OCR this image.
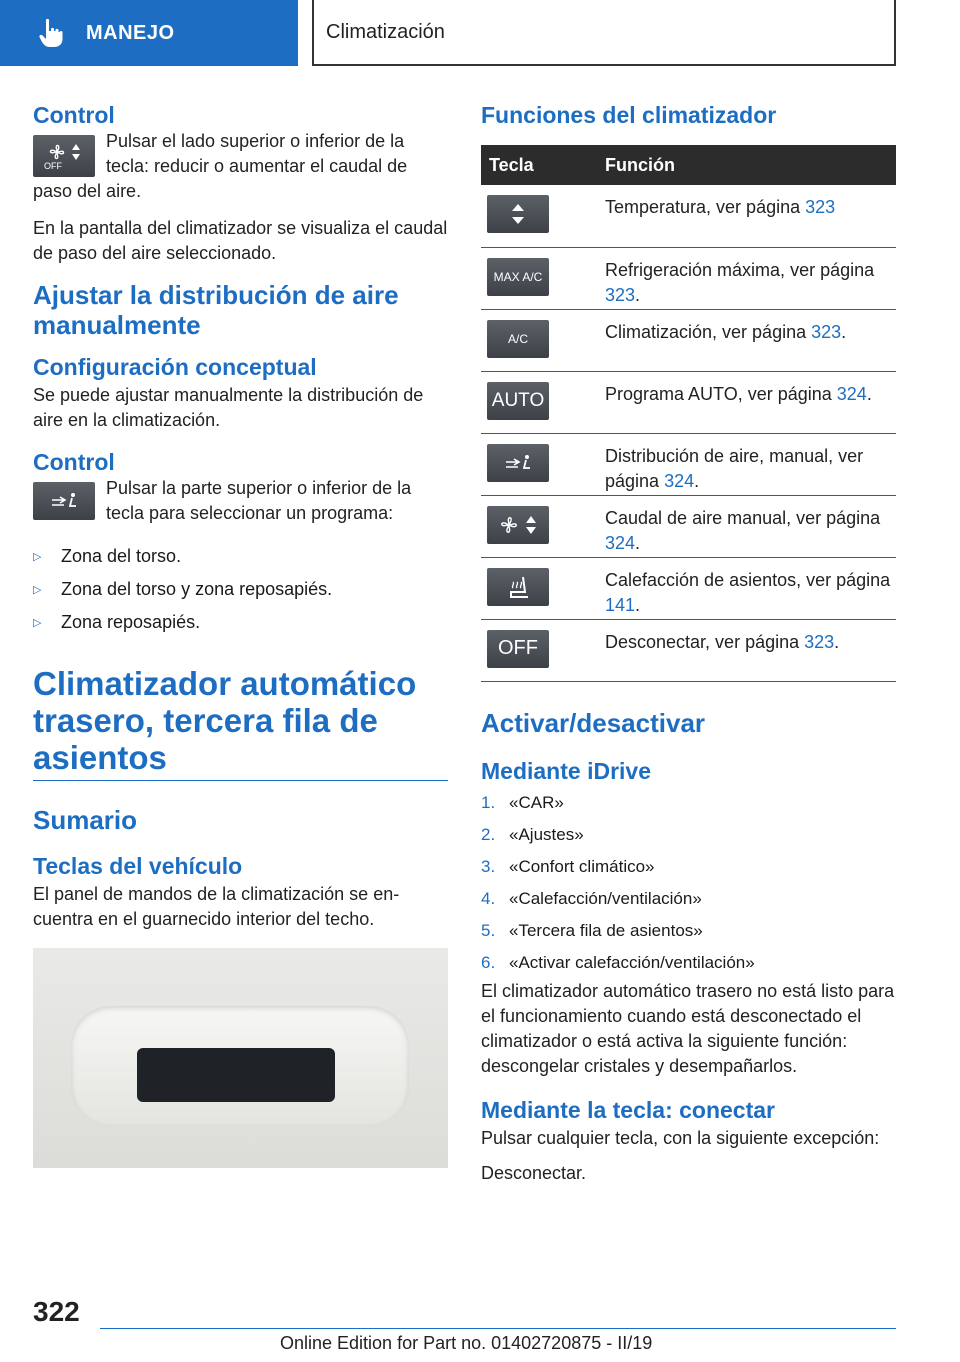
MANEJO	Climatización
Control
OFF
Pulsar el lado superior o inferior de la tecla: reducir o aumentar el caudal de
paso del aire.
En la pantalla del climatizador se visualiza el caudal de paso del aire seleccionado.
Ajustar la distribución de aire manualmente
Configuración conceptual
Se puede ajustar manualmente la distribución de aire en la climatización.
Control
Pulsar la parte superior o inferior de la tecla para seleccionar un programa:
▷	Zona del torso.
▷	Zona del torso y zona reposapiés.
▷	Zona reposapiés.
Climatizador automático trasero, tercera fila de asientos
Sumario
Teclas del vehículo
El panel de mandos de la climatización se encuentra en el guarnecido interior del techo.
Funciones del climatizador
Tecla	Función

	Temperatura, ver página 323

MAX A/C	Refrigeración máxima, ver página 323.

A/C	Climatización, ver página 323.

AUTO	Programa AUTO, ver página 324.

	Distribución de aire, manual, ver página 324.

	Caudal de aire manual, ver página 324.

	Calefacción de asientos, ver página 141.

OFF	Desconectar, ver página 323.
Activar/desactivar
Mediante iDrive
1. «CAR»
2. «Ajustes»
3. «Confort climático»
4. «Calefacción/ventilación»
5. «Tercera fila de asientos»
6. «Activar calefacción/ventilación»
El climatizador automático trasero no está listo para el funcionamiento cuando está desconectado el climatizador o está activa la siguiente función: descongelar cristales y desempañarlos.
Mediante la tecla: conectar
Pulsar cualquier tecla, con la siguiente excepción:
Desconectar.
322
Online Edition for Part no. 01402720875 - II/19
